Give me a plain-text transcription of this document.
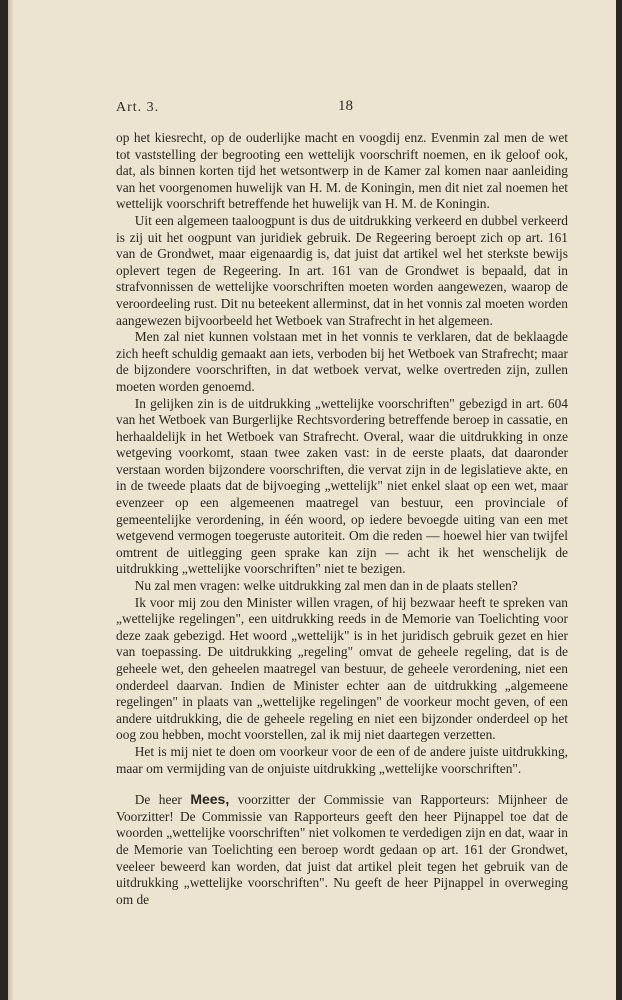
Art. 3.	18

op het kiesrecht, op de ouderlijke macht en voogdij enz. Evenmin zal men de wet tot vaststelling der begrooting een wettelijk voorschrift noemen, en ik geloof ook, dat, als binnen korten tijd het wetsontwerp in de Kamer zal komen naar aanleiding van het voorgenomen huwelijk van H. M. de Koningin, men dit niet zal noemen het wettelijk voorschrift betreffende het huwelijk van H. M. de Koningin.

Uit een algemeen taaloogpunt is dus de uitdrukking verkeerd en dubbel verkeerd is zij uit het oogpunt van juridiek gebruik. De Regeering beroept zich op art. 161 van de Grondwet, maar eigenaardig is, dat juist dat artikel wel het sterkste bewijs oplevert tegen de Regeering. In art. 161 van de Grondwet is bepaald, dat in strafvonnissen de wettelijke voorschriften moeten worden aangewezen, waarop de veroordeeling rust. Dit nu beteekent allerminst, dat in het vonnis zal moeten worden aangewezen bijvoorbeeld het Wetboek van Strafrecht in het algemeen.

Men zal niet kunnen volstaan met in het vonnis te verklaren, dat de beklaagde zich heeft schuldig gemaakt aan iets, verboden bij het Wetboek van Strafrecht; maar de bijzondere voorschriften, in dat wetboek vervat, welke overtreden zijn, zullen moeten worden genoemd.

In gelijken zin is de uitdrukking „wettelijke voorschriften" gebezigd in art. 604 van het Wetboek van Burgerlijke Rechtsvordering betreffende beroep in cassatie, en herhaaldelijk in het Wetboek van Strafrecht. Overal, waar die uitdrukking in onze wetgeving voorkomt, staan twee zaken vast: in de eerste plaats, dat daaronder verstaan worden bijzondere voorschriften, die vervat zijn in de legislatieve akte, en in de tweede plaats dat de bijvoeging „wettelijk" niet enkel slaat op een wet, maar evenzeer op een algemeenen maatregel van bestuur, een provinciale of gemeentelijke verordening, in één woord, op iedere bevoegde uiting van een met wetgevend vermogen toegeruste autoriteit. Om die reden — hoewel hier van twijfel omtrent de uitlegging geen sprake kan zijn — acht ik het wenschelijk de uitdrukking „wettelijke voorschriften" niet te bezigen.

Nu zal men vragen: welke uitdrukking zal men dan in de plaats stellen?

Ik voor mij zou den Minister willen vragen, of hij bezwaar heeft te spreken van „wettelijke regelingen", een uitdrukking reeds in de Memorie van Toelichting voor deze zaak gebezigd. Het woord „wettelijk" is in het juridisch gebruik gezet en hier van toepassing. De uitdrukking „regeling" omvat de geheele regeling, dat is de geheele wet, den geheelen maatregel van bestuur, de geheele verordening, niet een onderdeel daarvan. Indien de Minister echter aan de uitdrukking „algemeene regelingen" in plaats van „wettelijke regelingen" de voorkeur mocht geven, of een andere uitdrukking, die de geheele regeling en niet een bijzonder onderdeel op het oog zou hebben, mocht voorstellen, zal ik mij niet daartegen verzetten.

Het is mij niet te doen om voorkeur voor de een of de andere juiste uitdrukking, maar om vermijding van de onjuiste uitdrukking „wettelijke voorschriften".

De heer Mees, voorzitter der Commissie van Rapporteurs: Mijnheer de Voorzitter! De Commissie van Rapporteurs geeft den heer Pijnappel toe dat de woorden „wettelijke voorschriften" niet volkomen te verdedigen zijn en dat, waar in de Memorie van Toelichting een beroep wordt gedaan op art. 161 der Grondwet, veeleer beweerd kan worden, dat juist dat artikel pleit tegen het gebruik van de uitdrukking „wettelijke voorschriften". Nu geeft de heer Pijnappel in overweging om de
